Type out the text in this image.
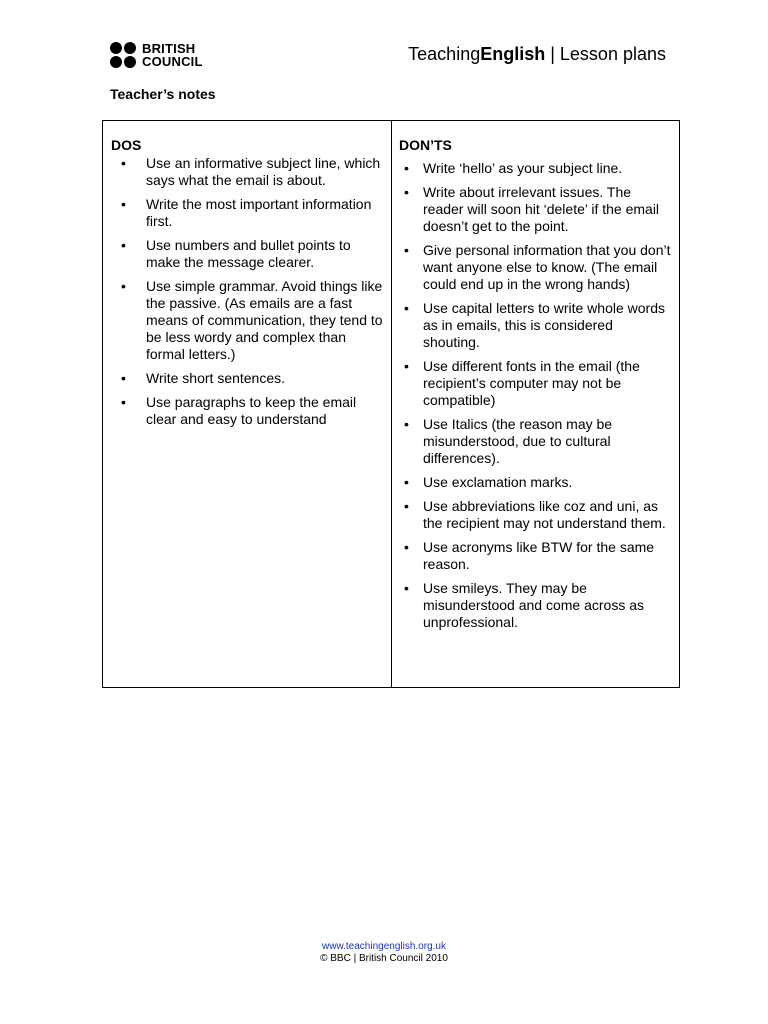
BRITISH
COUNCIL	TeachingEnglish | Lesson plans
Teacher’s notes
DOS
• Use an informative subject line, which says what the email is about.
• Write the most important information first.
• Use numbers and bullet points to make the message clearer.
• Use simple grammar. Avoid things like the passive. (As emails are a fast means of communication, they tend to be less wordy and complex than formal letters.)
• Write short sentences.
• Use paragraphs to keep the email clear and easy to understand
DON’TS
• Write ‘hello’ as your subject line.
• Write about irrelevant issues. The reader will soon hit ‘delete’ if the email doesn’t get to the point.
• Give personal information that you don’t want anyone else to know. (The email could end up in the wrong hands)
• Use capital letters to write whole words as in emails, this is considered shouting.
• Use different fonts in the email (the recipient’s computer may not be compatible)
• Use Italics (the reason may be misunderstood, due to cultural differences).
• Use exclamation marks.
• Use abbreviations like coz and uni, as the recipient may not understand them.
• Use acronyms like BTW for the same reason.
• Use smileys. They may be misunderstood and come across as unprofessional.
www.teachingenglish.org.uk
© BBC | British Council 2010
